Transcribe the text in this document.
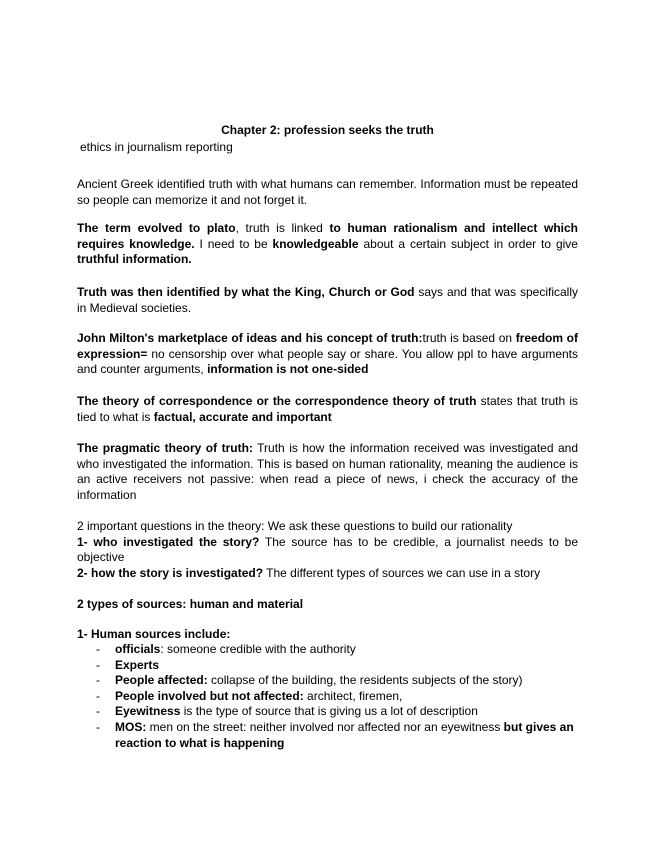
Chapter 2: profession seeks the truth
ethics in journalism reporting

Ancient Greek identified truth with what humans can remember. Information must be repeated so people can memorize it and not forget it.

The term evolved to plato, truth is linked to human rationalism and intellect which requires knowledge. I need to be knowledgeable about a certain subject in order to give truthful information.

Truth was then identified by what the King, Church or God says and that was specifically in Medieval societies.

John Milton's marketplace of ideas and his concept of truth:truth is based on freedom of expression= no censorship over what people say or share. You allow ppl to have arguments and counter arguments, information is not one-sided

The theory of correspondence or the correspondence theory of truth states that truth is tied to what is factual, accurate and important

The pragmatic theory of truth: Truth is how the information received was investigated and who investigated the information. This is based on human rationality, meaning the audience is an active receivers not passive: when read a piece of news, i check the accuracy of the information

2 important questions in the theory: We ask these questions to build our rationality
1- who investigated the story? The source has to be credible, a journalist needs to be objective
2- how the story is investigated? The different types of sources we can use in a story

2 types of sources: human and material

1- Human sources include:

- officials: someone credible with the authority
- Experts
- People affected: collapse of the building, the residents subjects of the story)
- People involved but not affected: architect, firemen,
- Eyewitness is the type of source that is giving us a lot of description
- MOS: men on the street: neither involved nor affected nor an eyewitness but gives an reaction to what is happening
